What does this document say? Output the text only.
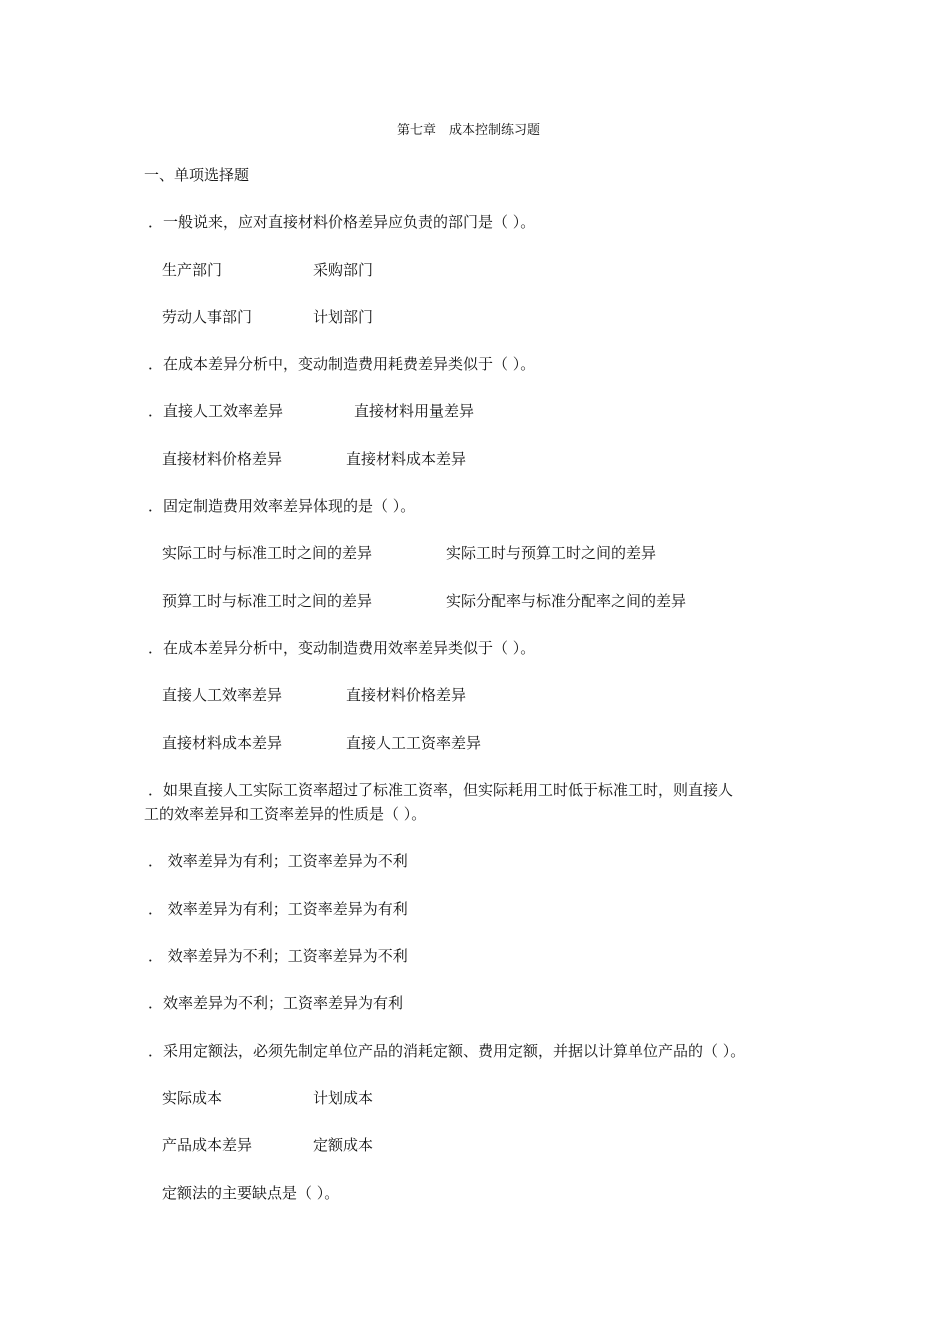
第七章　成本控制练习题
一、单项选择题
．一般说来，应对直接材料价格差异应负责的部门是（ ）。
生产部门	采购部门
劳动人事部门	计划部门
．在成本差异分析中，变动制造费用耗费差异类似于（ ）。
．直接人工效率差异	直接材料用量差异
直接材料价格差异	直接材料成本差异
．固定制造费用效率差异体现的是（ ）。
实际工时与标准工时之间的差异	实际工时与预算工时之间的差异
预算工时与标准工时之间的差异	实际分配率与标准分配率之间的差异
．在成本差异分析中，变动制造费用效率差异类似于（ ）。
直接人工效率差异	直接材料价格差异
直接材料成本差异	直接人工工资率差异
．如果直接人工实际工资率超过了标准工资率，但实际耗用工时低于标准工时，则直接人
工的效率差异和工资率差异的性质是（ ）。
． 效率差异为有利；工资率差异为不利
． 效率差异为有利；工资率差异为有利
． 效率差异为不利；工资率差异为不利
．效率差异为不利；工资率差异为有利
．采用定额法，必须先制定单位产品的消耗定额、费用定额，并据以计算单位产品的（ ）。
实际成本	计划成本
产品成本差异	定额成本
定额法的主要缺点是（ ）。
